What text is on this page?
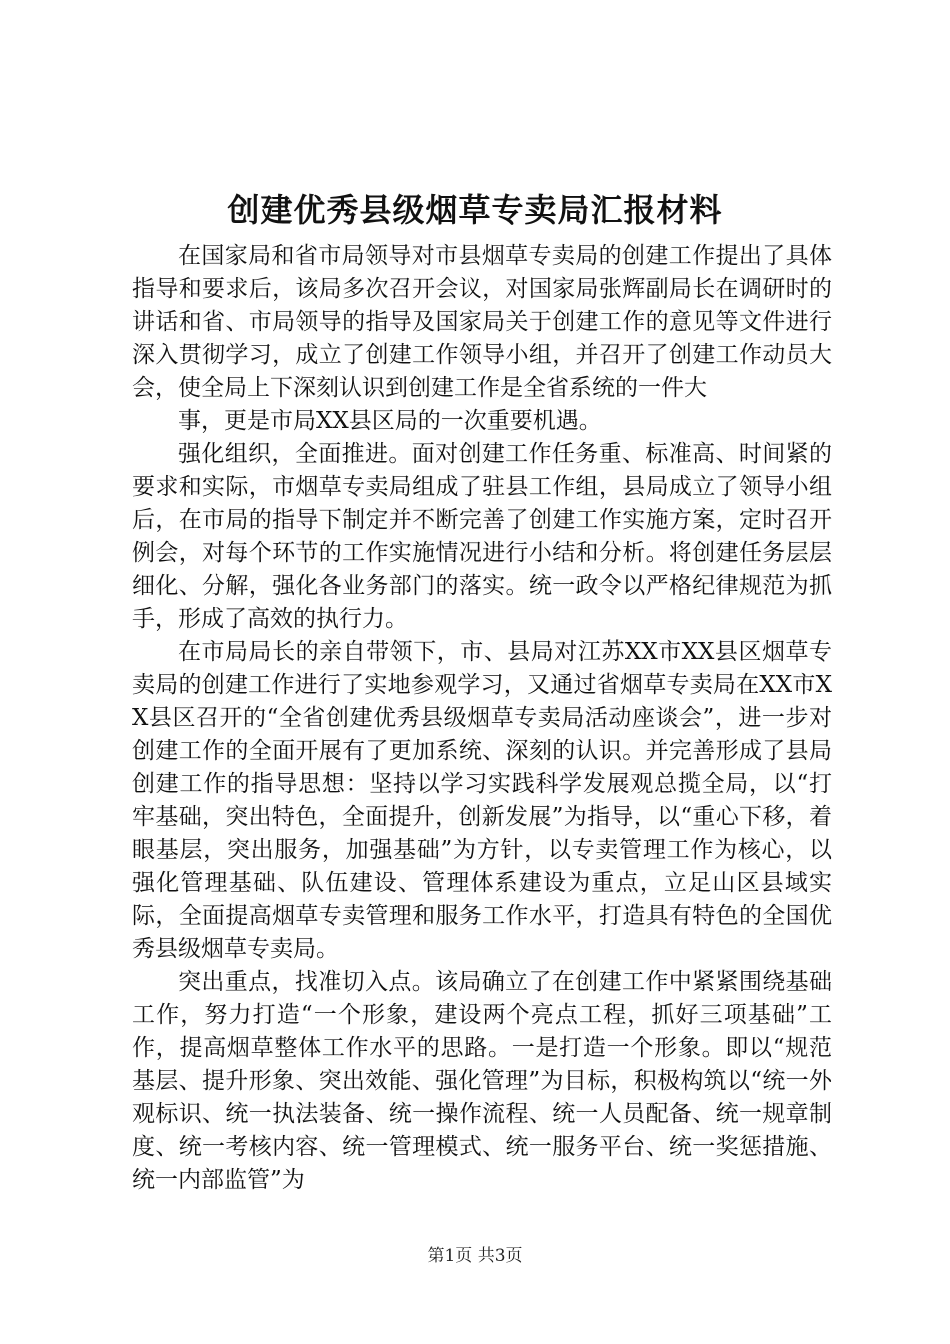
创建优秀县级烟草专卖局汇报材料

在国家局和省市局领导对市县烟草专卖局的创建工作提出了具体指导和要求后，该局多次召开会议，对国家局张辉副局长在调研时的讲话和省、市局领导的指导及国家局关于创建工作的意见等文件进行深入贯彻学习，成立了创建工作领导小组，并召开了创建工作动员大会，使全局上下深刻认识到创建工作是全省系统的一件大

事，更是市局XX县区局的一次重要机遇。

强化组织，全面推进。面对创建工作任务重、标准高、时间紧的要求和实际，市烟草专卖局组成了驻县工作组，县局成立了领导小组后，在市局的指导下制定并不断完善了创建工作实施方案，定时召开例会，对每个环节的工作实施情况进行小结和分析。将创建任务层层细化、分解，强化各业务部门的落实。统一政令以严格纪律规范为抓手，形成了高效的执行力。

在市局局长的亲自带领下，市、县局对江苏XX市XX县区烟草专卖局的创建工作进行了实地参观学习，又通过省烟草专卖局在XX市XX县区召开的“全省创建优秀县级烟草专卖局活动座谈会”，进一步对创建工作的全面开展有了更加系统、深刻的认识。并完善形成了县局创建工作的指导思想：坚持以学习实践科学发展观总揽全局，以“打牢基础，突出特色，全面提升，创新发展”为指导，以“重心下移，着眼基层，突出服务，加强基础”为方针，以专卖管理工作为核心，以强化管理基础、队伍建设、管理体系建设为重点，立足山区县域实际，全面提高烟草专卖管理和服务工作水平，打造具有特色的全国优秀县级烟草专卖局。

突出重点，找准切入点。该局确立了在创建工作中紧紧围绕基础工作，努力打造“一个形象，建设两个亮点工程，抓好三项基础”工作，提高烟草整体工作水平的思路。一是打造一个形象。即以“规范基层、提升形象、突出效能、强化管理”为目标，积极构筑以“统一外观标识、统一执法装备、统一操作流程、统一人员配备、统一规章制度、统一考核内容、统一管理模式、统一服务平台、统一奖惩措施、统一内部监管”为

第1页 共3页
